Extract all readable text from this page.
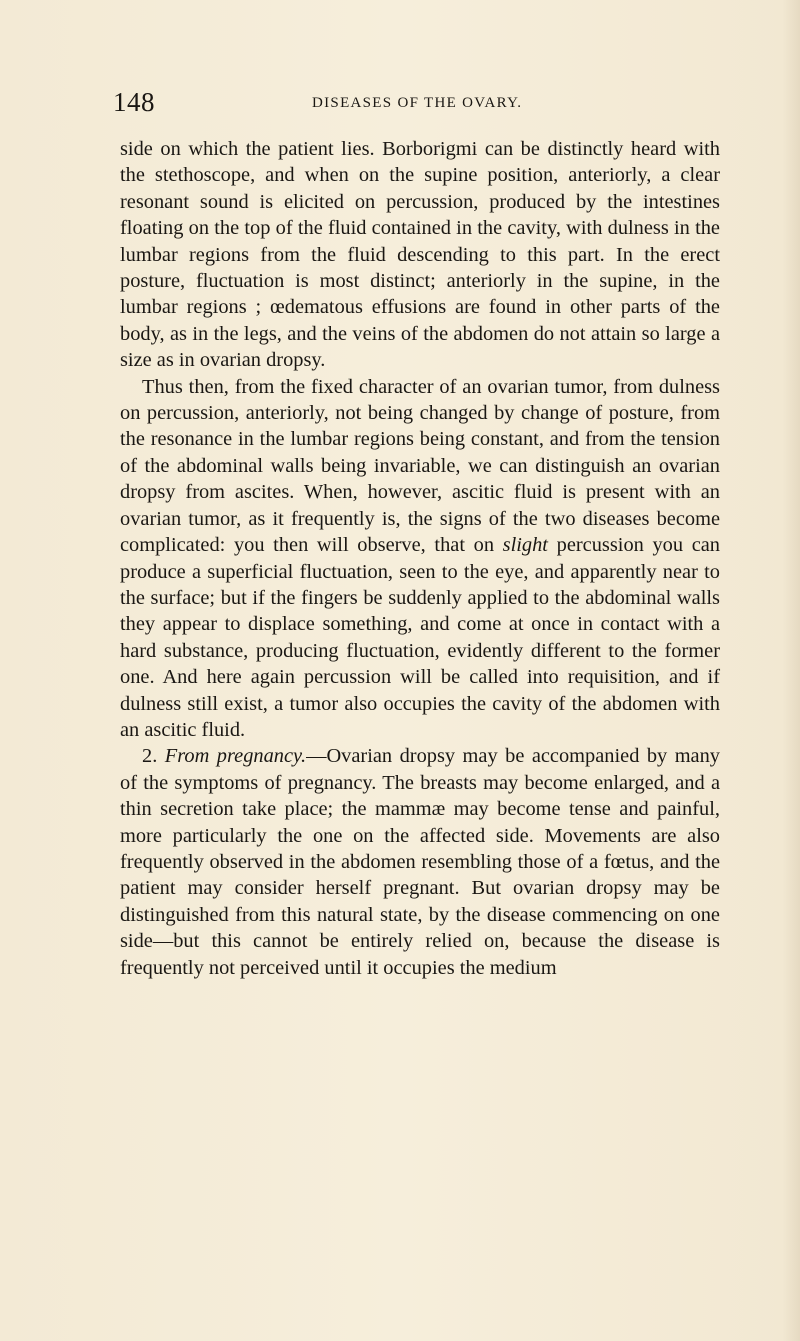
148	DISEASES OF THE OVARY.

side on which the patient lies. Borborigmi can be distinctly heard with the stethoscope, and when on the supine position, anteriorly, a clear resonant sound is elicited on percussion, produced by the intestines floating on the top of the fluid contained in the cavity, with dulness in the lumbar regions from the fluid descending to this part. In the erect posture, fluctuation is most distinct; anteriorly in the supine, in the lumbar regions ; œdematous effusions are found in other parts of the body, as in the legs, and the veins of the abdomen do not attain so large a size as in ovarian dropsy.

Thus then, from the fixed character of an ovarian tumor, from dulness on percussion, anteriorly, not being changed by change of posture, from the resonance in the lumbar regions being constant, and from the tension of the abdominal walls being invariable, we can distinguish an ovarian dropsy from ascites. When, however, ascitic fluid is present with an ovarian tumor, as it frequently is, the signs of the two diseases become complicated: you then will observe, that on slight percussion you can produce a superficial fluctuation, seen to the eye, and apparently near to the surface; but if the fingers be suddenly applied to the abdominal walls they appear to displace something, and come at once in contact with a hard substance, producing fluctuation, evidently different to the former one. And here again percussion will be called into requisition, and if dulness still exist, a tumor also occupies the cavity of the abdomen with an ascitic fluid.

2. From pregnancy.—Ovarian dropsy may be accompanied by many of the symptoms of pregnancy. The breasts may become enlarged, and a thin secretion take place; the mammæ may become tense and painful, more particularly the one on the affected side. Movements are also frequently observed in the abdomen resembling those of a fœtus, and the patient may consider herself pregnant. But ovarian dropsy may be distinguished from this natural state, by the disease commencing on one side—but this cannot be entirely relied on, because the disease is frequently not perceived until it occupies the medium
